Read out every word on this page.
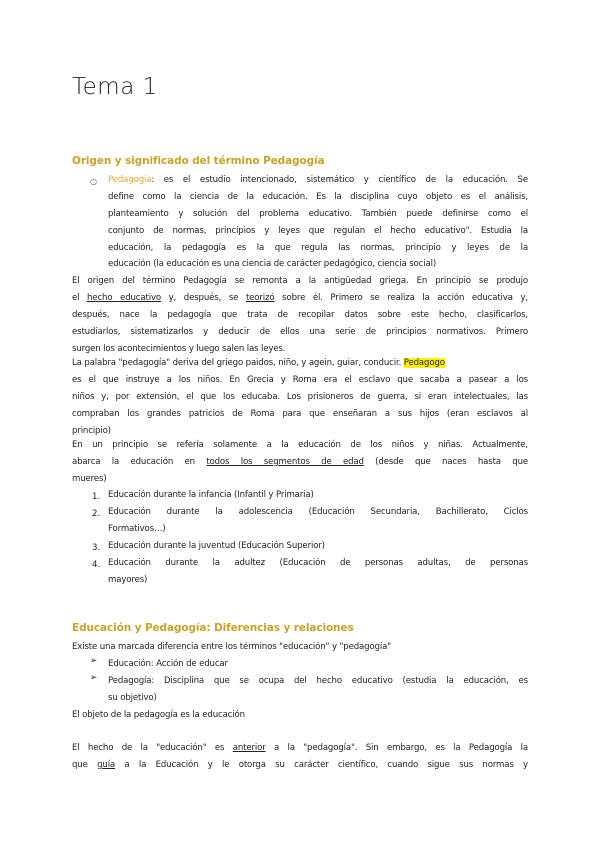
Tema 1
Origen y significado del término Pedagogía
○ Pedagogía: es el estudio intencionado, sistemático y científico de la educación. Se
define como la ciencia de la educación. Es la disciplina cuyo objeto es el análisis,
planteamiento y solución del problema educativo. También puede definirse como el
conjunto de normas, principios y leyes que regulan el hecho educativo". Estudia la
educación, la pedagogía es la que regula las normas, principio y leyes de la
educación (la educación es una ciencia de carácter pedagógico, ciencia social)
El origen del término Pedagogía se remonta a la antigüedad griega. En principio se produjo
el hecho educativo y, después, se teorizó sobre él. Primero se realiza la acción educativa y,
después, nace la pedagogía que trata de recopilar datos sobre este hecho, clasificarlos,
estudiarlos, sistematizarlos y deducir de ellos una serie de principios normativos. Primero
surgen los acontecimientos y luego salen las leyes.
La palabra "pedagogía" deriva del griego paidos, niño, y agein, guiar, conducir. Pedagogo
es el que instruye a los niños. En Grecia y Roma era el esclavo que sacaba a pasear a los
niños y, por extensión, el que los educaba. Los prisioneros de guerra, si eran intelectuales, las
compraban los grandes patricios de Roma para que enseñaran a sus hijos (eran esclavos al
principio)
En un principio se refería solamente a la educación de los niños y niñas. Actualmente,
abarca la educación en todos los segmentos de edad (desde que naces hasta que
mueres)
1. Educación durante la infancia (Infantil y Primaria)
2. Educación durante la adolescencia (Educación Secundaria, Bachillerato, Ciclos
Formativos…)
3. Educación durante la juventud (Educación Superior)
4. Educación durante la adultez (Educación de personas adultas, de personas
mayores)
Educación y Pedagogía: Diferencias y relaciones
Existe una marcada diferencia entre los términos "educación" y "pedagogía"
➢ Educación: Acción de educar
➢ Pedagogía: Disciplina que se ocupa del hecho educativo (estudia la educación, es
su objetivo)
El objeto de la pedagogía es la educación
El hecho de la "educación" es anterior a la "pedagogía". Sin embargo, es la Pedagogía la
que guía a la Educación y le otorga su carácter científico, cuando sigue sus normas y
